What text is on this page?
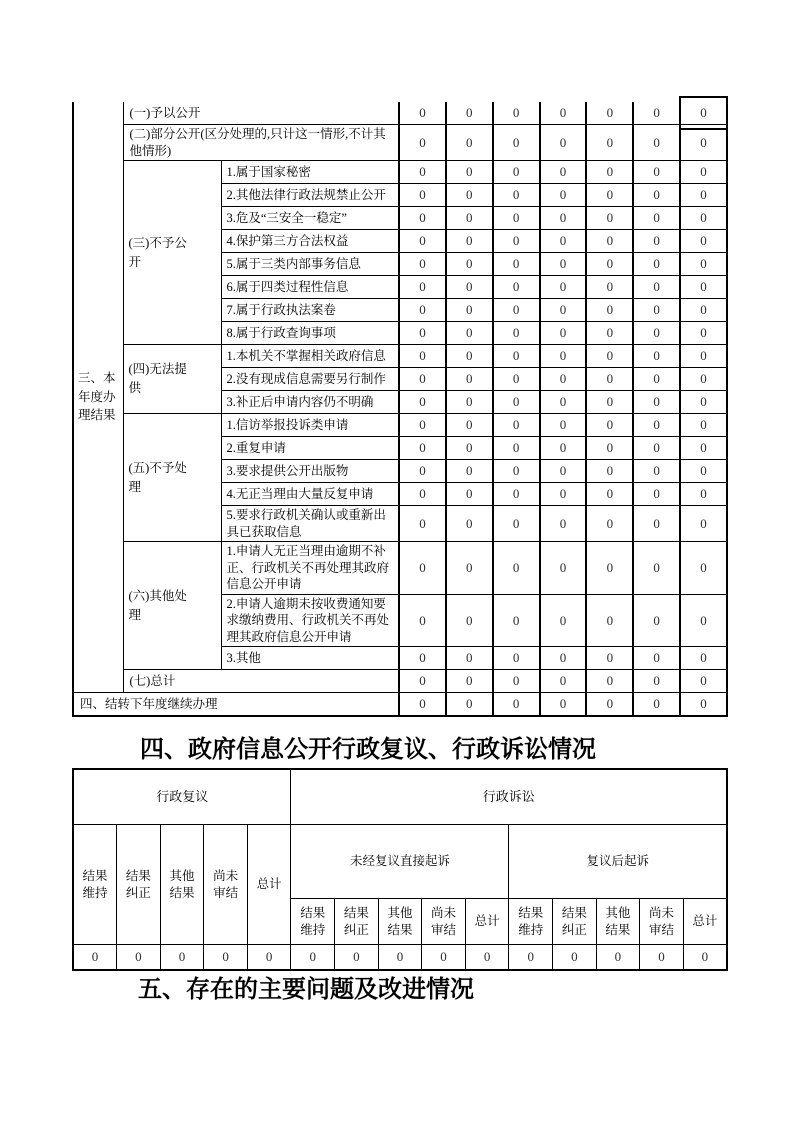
三、本年度办理结果	(一)予以公开		0	0	0	0	0	0	0
	(二)部分公开(区分处理的,只计这一情形,不计其他情形)		0	0	0	0	0	0	0
	(三)不予公开	1.属于国家秘密	0	0	0	0	0	0	0
		2.其他法律行政法规禁止公开	0	0	0	0	0	0	0
		3.危及“三安全一稳定”	0	0	0	0	0	0	0
		4.保护第三方合法权益	0	0	0	0	0	0	0
		5.属于三类内部事务信息	0	0	0	0	0	0	0
		6.属于四类过程性信息	0	0	0	0	0	0	0
		7.属于行政执法案卷	0	0	0	0	0	0	0
		8.属于行政查询事项	0	0	0	0	0	0	0
	(四)无法提供	1.本机关不掌握相关政府信息	0	0	0	0	0	0	0
		2.没有现成信息需要另行制作	0	0	0	0	0	0	0
		3.补正后申请内容仍不明确	0	0	0	0	0	0	0
	(五)不予处理	1.信访举报投诉类申请	0	0	0	0	0	0	0
		2.重复申请	0	0	0	0	0	0	0
		3.要求提供公开出版物	0	0	0	0	0	0	0
		4.无正当理由大量反复申请	0	0	0	0	0	0	0
		5.要求行政机关确认或重新出具已获取信息	0	0	0	0	0	0	0
	(六)其他处理	1.申请人无正当理由逾期不补正、行政机关不再处理其政府信息公开申请	0	0	0	0	0	0	0
		2.申请人逾期未按收费通知要求缴纳费用、行政机关不再处理其政府信息公开申请	0	0	0	0	0	0	0
		3.其他	0	0	0	0	0	0	0
	(七)总计		0	0	0	0	0	0	0
四、结转下年度继续办理			0	0	0	0	0	0	0
四、政府信息公开行政复议、行政诉讼情况
行政复议					行政诉讼									
结果维持	结果纠正	其他结果	尚未审结	总计	未经复议直接起诉					复议后起诉				
					结果维持	结果纠正	其他结果	尚未审结	总计	结果维持	结果纠正	其他结果	尚未审结	总计
0	0	0	0	0	0	0	0	0	0	0	0	0	0	0
五、存在的主要问题及改进情况
